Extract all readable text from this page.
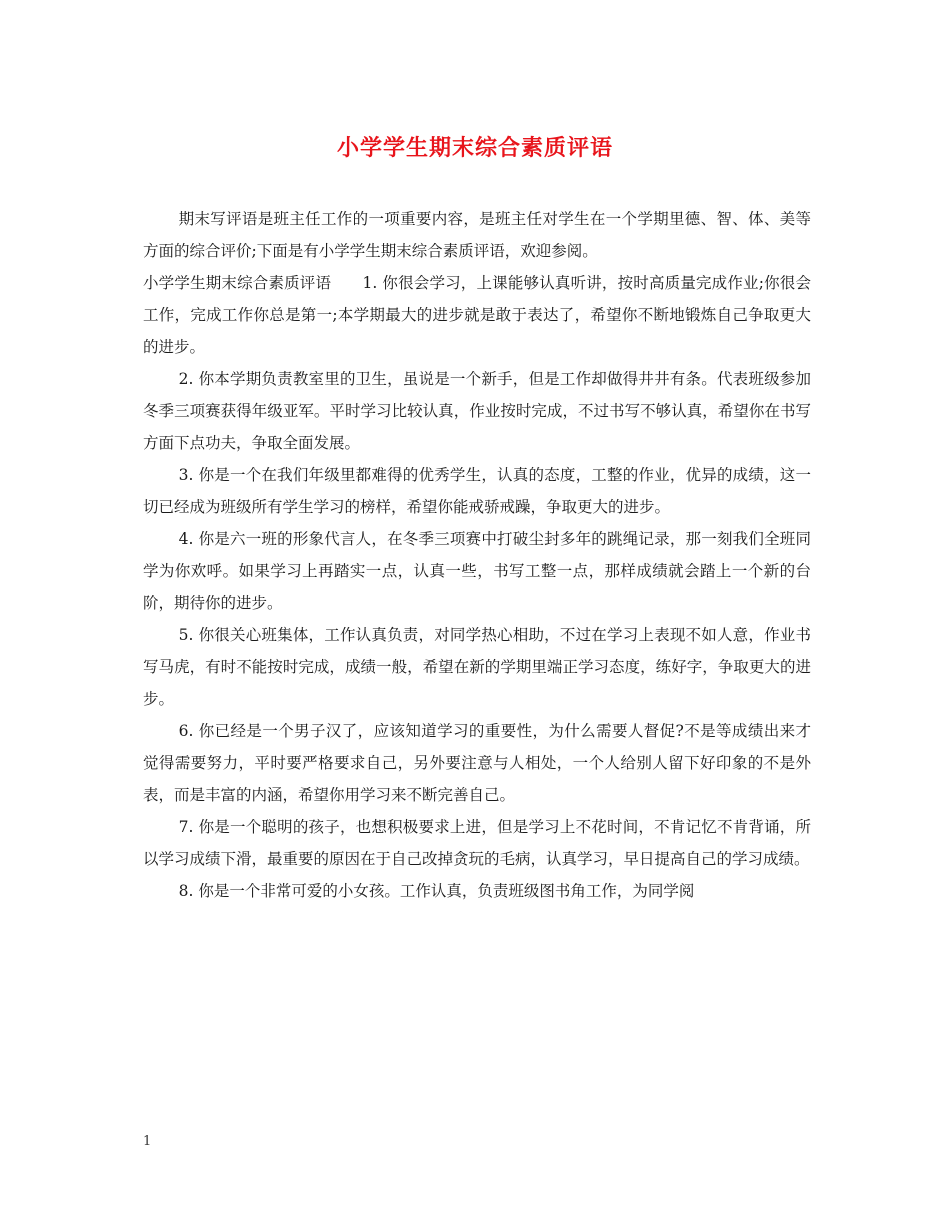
小学学生期末综合素质评语

期末写评语是班主任工作的一项重要内容，是班主任对学生在一个学期里德、智、体、美等方面的综合评价;下面是有小学学生期末综合素质评语，欢迎参阅。

小学学生期末综合素质评语　　1. 你很会学习，上课能够认真听讲，按时高质量完成作业;你很会工作，完成工作你总是第一;本学期最大的进步就是敢于表达了，希望你不断地锻炼自己争取更大的进步。

2. 你本学期负责教室里的卫生，虽说是一个新手，但是工作却做得井井有条。代表班级参加冬季三项赛获得年级亚军。平时学习比较认真，作业按时完成，不过书写不够认真，希望你在书写方面下点功夫，争取全面发展。

3. 你是一个在我们年级里都难得的优秀学生，认真的态度，工整的作业，优异的成绩，这一切已经成为班级所有学生学习的榜样，希望你能戒骄戒躁，争取更大的进步。

4. 你是六一班的形象代言人，在冬季三项赛中打破尘封多年的跳绳记录，那一刻我们全班同学为你欢呼。如果学习上再踏实一点，认真一些，书写工整一点，那样成绩就会踏上一个新的台阶，期待你的进步。

5. 你很关心班集体，工作认真负责，对同学热心相助，不过在学习上表现不如人意，作业书写马虎，有时不能按时完成，成绩一般，希望在新的学期里端正学习态度，练好字，争取更大的进步。

6. 你已经是一个男子汉了，应该知道学习的重要性，为什么需要人督促?不是等成绩出来才觉得需要努力，平时要严格要求自己，另外要注意与人相处，一个人给别人留下好印象的不是外表，而是丰富的内涵，希望你用学习来不断完善自己。

7. 你是一个聪明的孩子，也想积极要求上进，但是学习上不花时间，不肯记忆不肯背诵，所以学习成绩下滑，最重要的原因在于自己改掉贪玩的毛病，认真学习，早日提高自己的学习成绩。

8. 你是一个非常可爱的小女孩。工作认真，负责班级图书角工作，为同学阅

1
